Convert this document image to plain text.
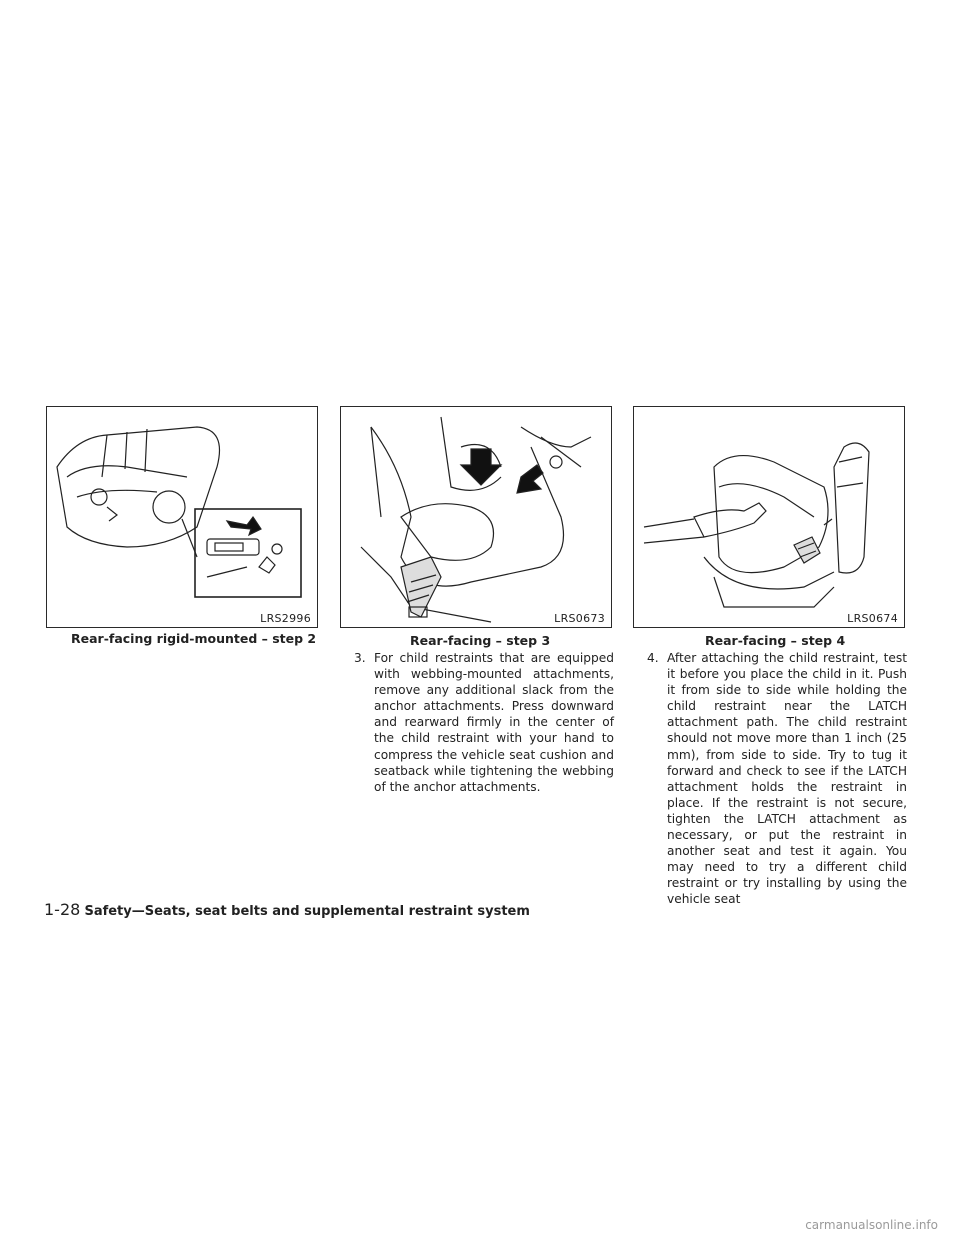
LRS2996
Rear-facing rigid-mounted – step 2
LRS0673
Rear-facing – step 3
LRS0674
Rear-facing – step 4
3. For child restraints that are equipped with webbing-mounted attachments, remove any additional slack from the anchor attachments. Press downward and rearward firmly in the center of the child restraint with your hand to compress the vehicle seat cushion and seatback while tightening the webbing of the anchor attachments.
4. After attaching the child restraint, test it before you place the child in it. Push it from side to side while holding the child restraint near the LATCH attachment path. The child restraint should not move more than 1 inch (25 mm), from side to side. Try to tug it forward and check to see if the LATCH attachment holds the restraint in place. If the restraint is not secure, tighten the LATCH attachment as necessary, or put the restraint in another seat and test it again. You may need to try a different child restraint or try installing by using the vehicle seat
1-28 Safety—Seats, seat belts and supplemental restraint system
carmanualsonline.info
